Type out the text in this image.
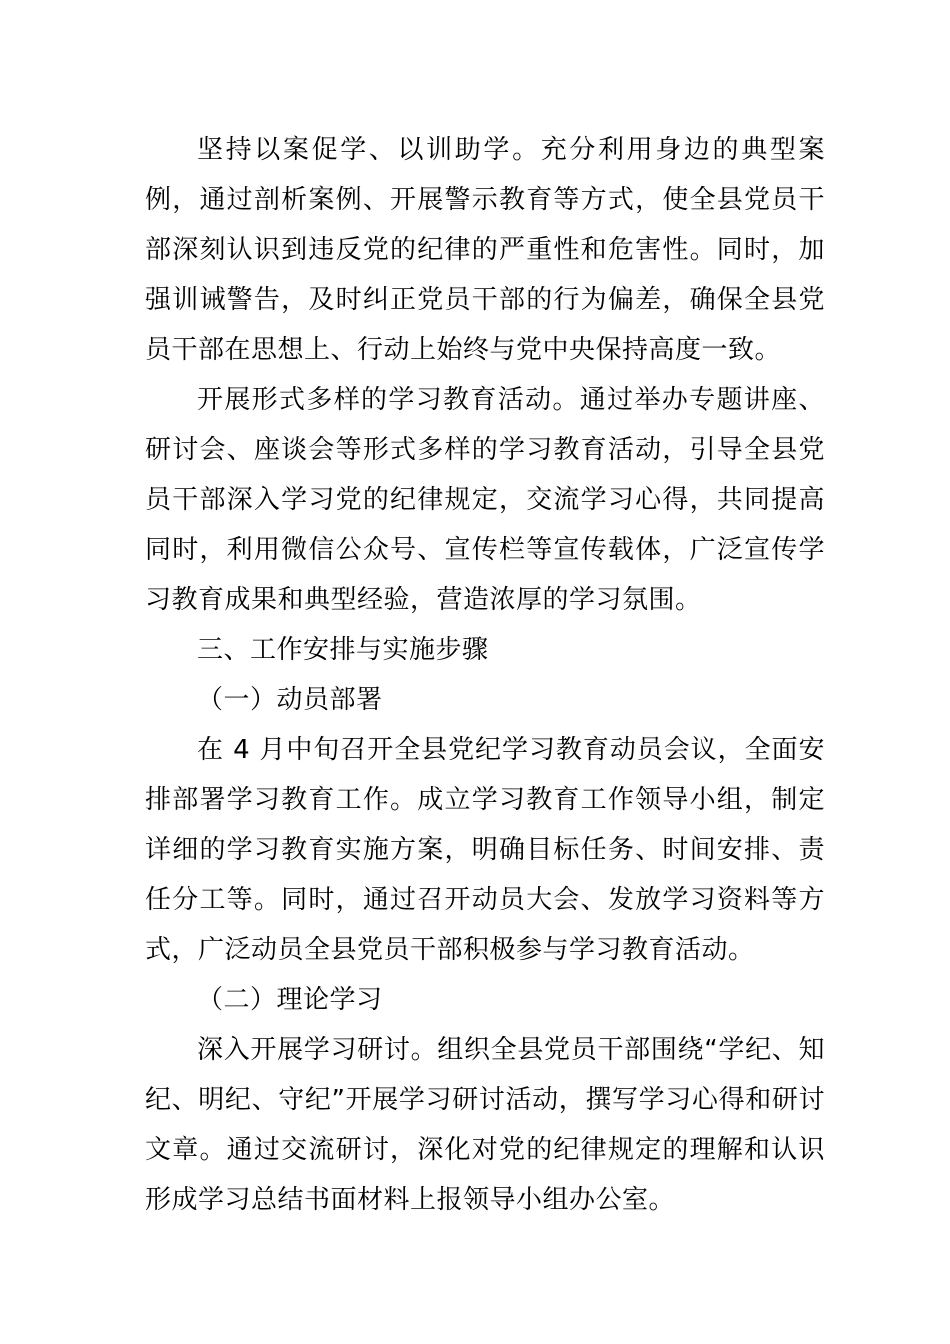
坚持以案促学、以训助学。充分利用身边的典型案例，通过剖析案例、开展警示教育等方式，使全县党员干部深刻认识到违反党的纪律的严重性和危害性。同时，加强训诫警告，及时纠正党员干部的行为偏差，确保全县党员干部在思想上、行动上始终与党中央保持高度一致。

开展形式多样的学习教育活动。通过举办专题讲座、研讨会、座谈会等形式多样的学习教育活动，引导全县党员干部深入学习党的纪律规定，交流学习心得，共同提高同时，利用微信公众号、宣传栏等宣传载体，广泛宣传学习教育成果和典型经验，营造浓厚的学习氛围。

三、工作安排与实施步骤

（一）动员部署

在 4 月中旬召开全县党纪学习教育动员会议，全面安排部署学习教育工作。成立学习教育工作领导小组，制定详细的学习教育实施方案，明确目标任务、时间安排、责任分工等。同时，通过召开动员大会、发放学习资料等方式，广泛动员全县党员干部积极参与学习教育活动。

（二）理论学习

深入开展学习研讨。组织全县党员干部围绕“学纪、知纪、明纪、守纪”开展学习研讨活动，撰写学习心得和研讨文章。通过交流研讨，深化对党的纪律规定的理解和认识形成学习总结书面材料上报领导小组办公室。
